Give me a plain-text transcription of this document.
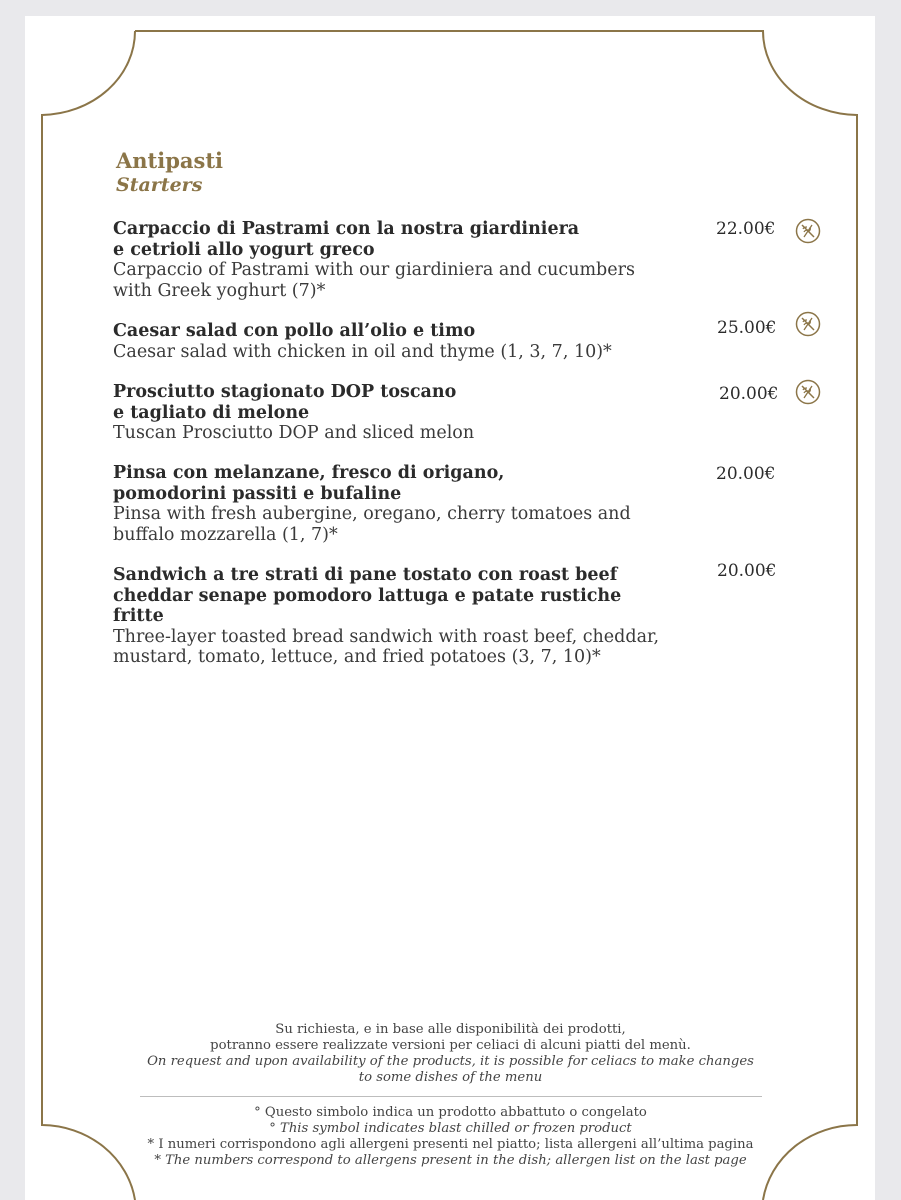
Antipasti
Starters
Carpaccio di Pastrami con la nostra giardiniera
e cetrioli allo yogurt greco
Carpaccio of Pastrami with our giardiniera and cucumbers
with Greek yoghurt (7)*
22.00€
Caesar salad con pollo all’olio e timo
Caesar salad with chicken in oil and thyme (1, 3, 7, 10)*
25.00€
Prosciutto stagionato DOP toscano
e tagliato di melone
Tuscan Prosciutto DOP and sliced melon
20.00€
Pinsa con melanzane, fresco di origano,
pomodorini passiti e bufaline
Pinsa with fresh aubergine, oregano, cherry tomatoes and
buffalo mozzarella (1, 7)*
20.00€
Sandwich a tre strati di pane tostato con roast beef
cheddar senape pomodoro lattuga e patate rustiche
fritte
Three-layer toasted bread sandwich with roast beef, cheddar,
mustard, tomato, lettuce, and fried potatoes (3, 7, 10)*
20.00€
Su richiesta, e in base alle disponibilità dei prodotti,
potranno essere realizzate versioni per celiaci di alcuni piatti del menù.
On request and upon availability of the products, it is possible for celiacs to make changes
to some dishes of the menu
° Questo simbolo indica un prodotto abbattuto o congelato
° This symbol indicates blast chilled or frozen product
* I numeri corrispondono agli allergeni presenti nel piatto; lista allergeni all’ultima pagina
* The numbers correspond to allergens present in the dish; allergen list on the last page
